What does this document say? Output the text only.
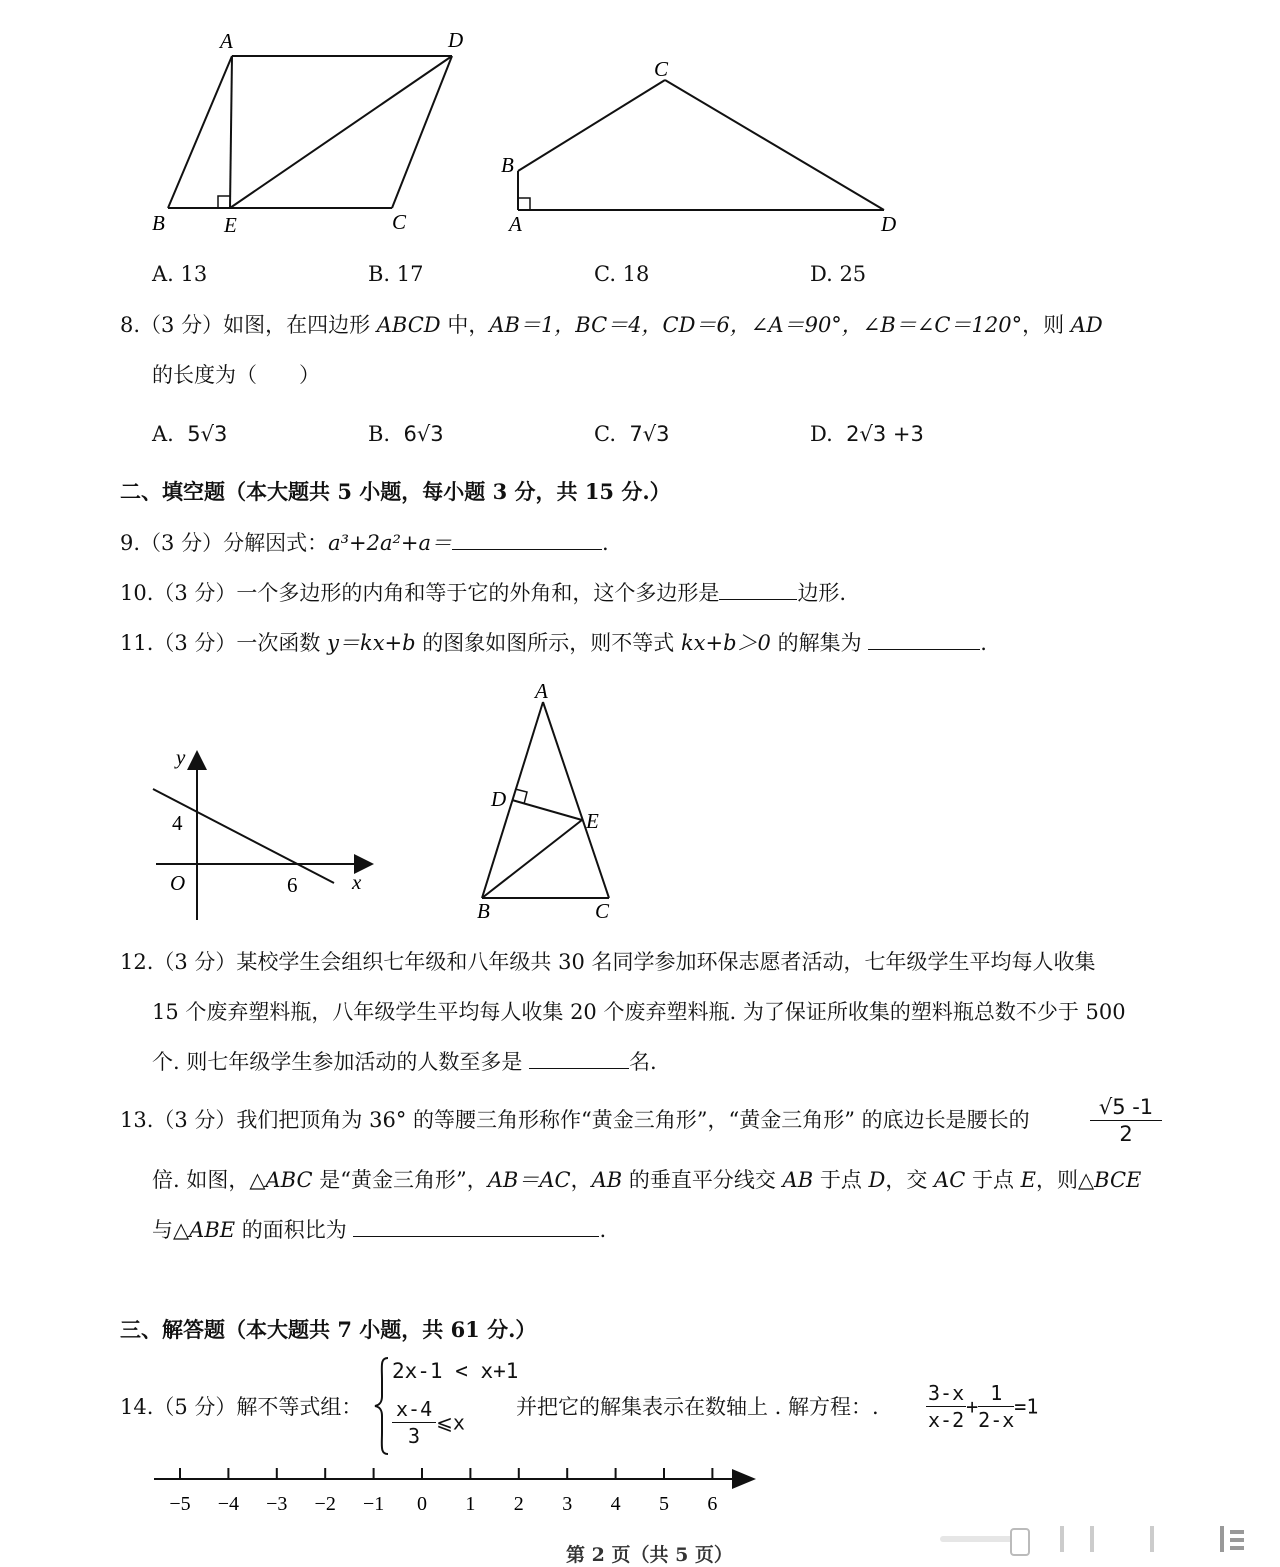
A	D
B	E	C
C
B
A	D
A. 13	B. 17	C. 18	D. 25
8.（3 分）如图，在四边形 ABCD 中，AB＝1，BC＝4，CD＝6，∠A＝90°，∠B＝∠C＝120°，则 AD
的长度为（　　）
A. 5√3	B. 6√3	C. 7√3	D. 2√3 +3
二、填空题（本大题共 5 小题，每小题 3 分，共 15 分.）
9.（3 分）分解因式：a³+2a²+a＝	.
10.（3 分）一个多边形的内角和等于它的外角和，这个多边形是	边形.
11.（3 分）一次函数 y＝kx+b 的图象如图所示，则不等式 kx+b＞0 的解集为	.
y
x
O
4
6
A
D
E
B	C
12.（3 分）某校学生会组织七年级和八年级共 30 名同学参加环保志愿者活动，七年级学生平均每人收集
15 个废弃塑料瓶，八年级学生平均每人收集 20 个废弃塑料瓶. 为了保证所收集的塑料瓶总数不少于 500
个. 则七年级学生参加活动的人数至多是	名.
13.（3 分）我们把顶角为 36° 的等腰三角形称作“黄金三角形”，“黄金三角形” 的底边长是腰长的	$\frac{√5 -1}{2}$
倍. 如图，△ABC 是“黄金三角形”，AB＝AC，AB 的垂直平分线交 AB 于点 D，交 AC 于点 E，则△BCE
与△ABE 的面积比为	.
三、解答题（本大题共 7 小题，共 61 分.）
14.（5 分）解不等式组：
2x-1 < x+1
$\frac{x-4}{3}$ ⩽x
并把它的解集表示在数轴上 . 解方程：. $\frac{3-x}{x-2} + \frac{1}{2-x} =1$
−5 −4 −3 −2 −1 0 1 2 3 4 5 6
第 2 页（共 5 页）
